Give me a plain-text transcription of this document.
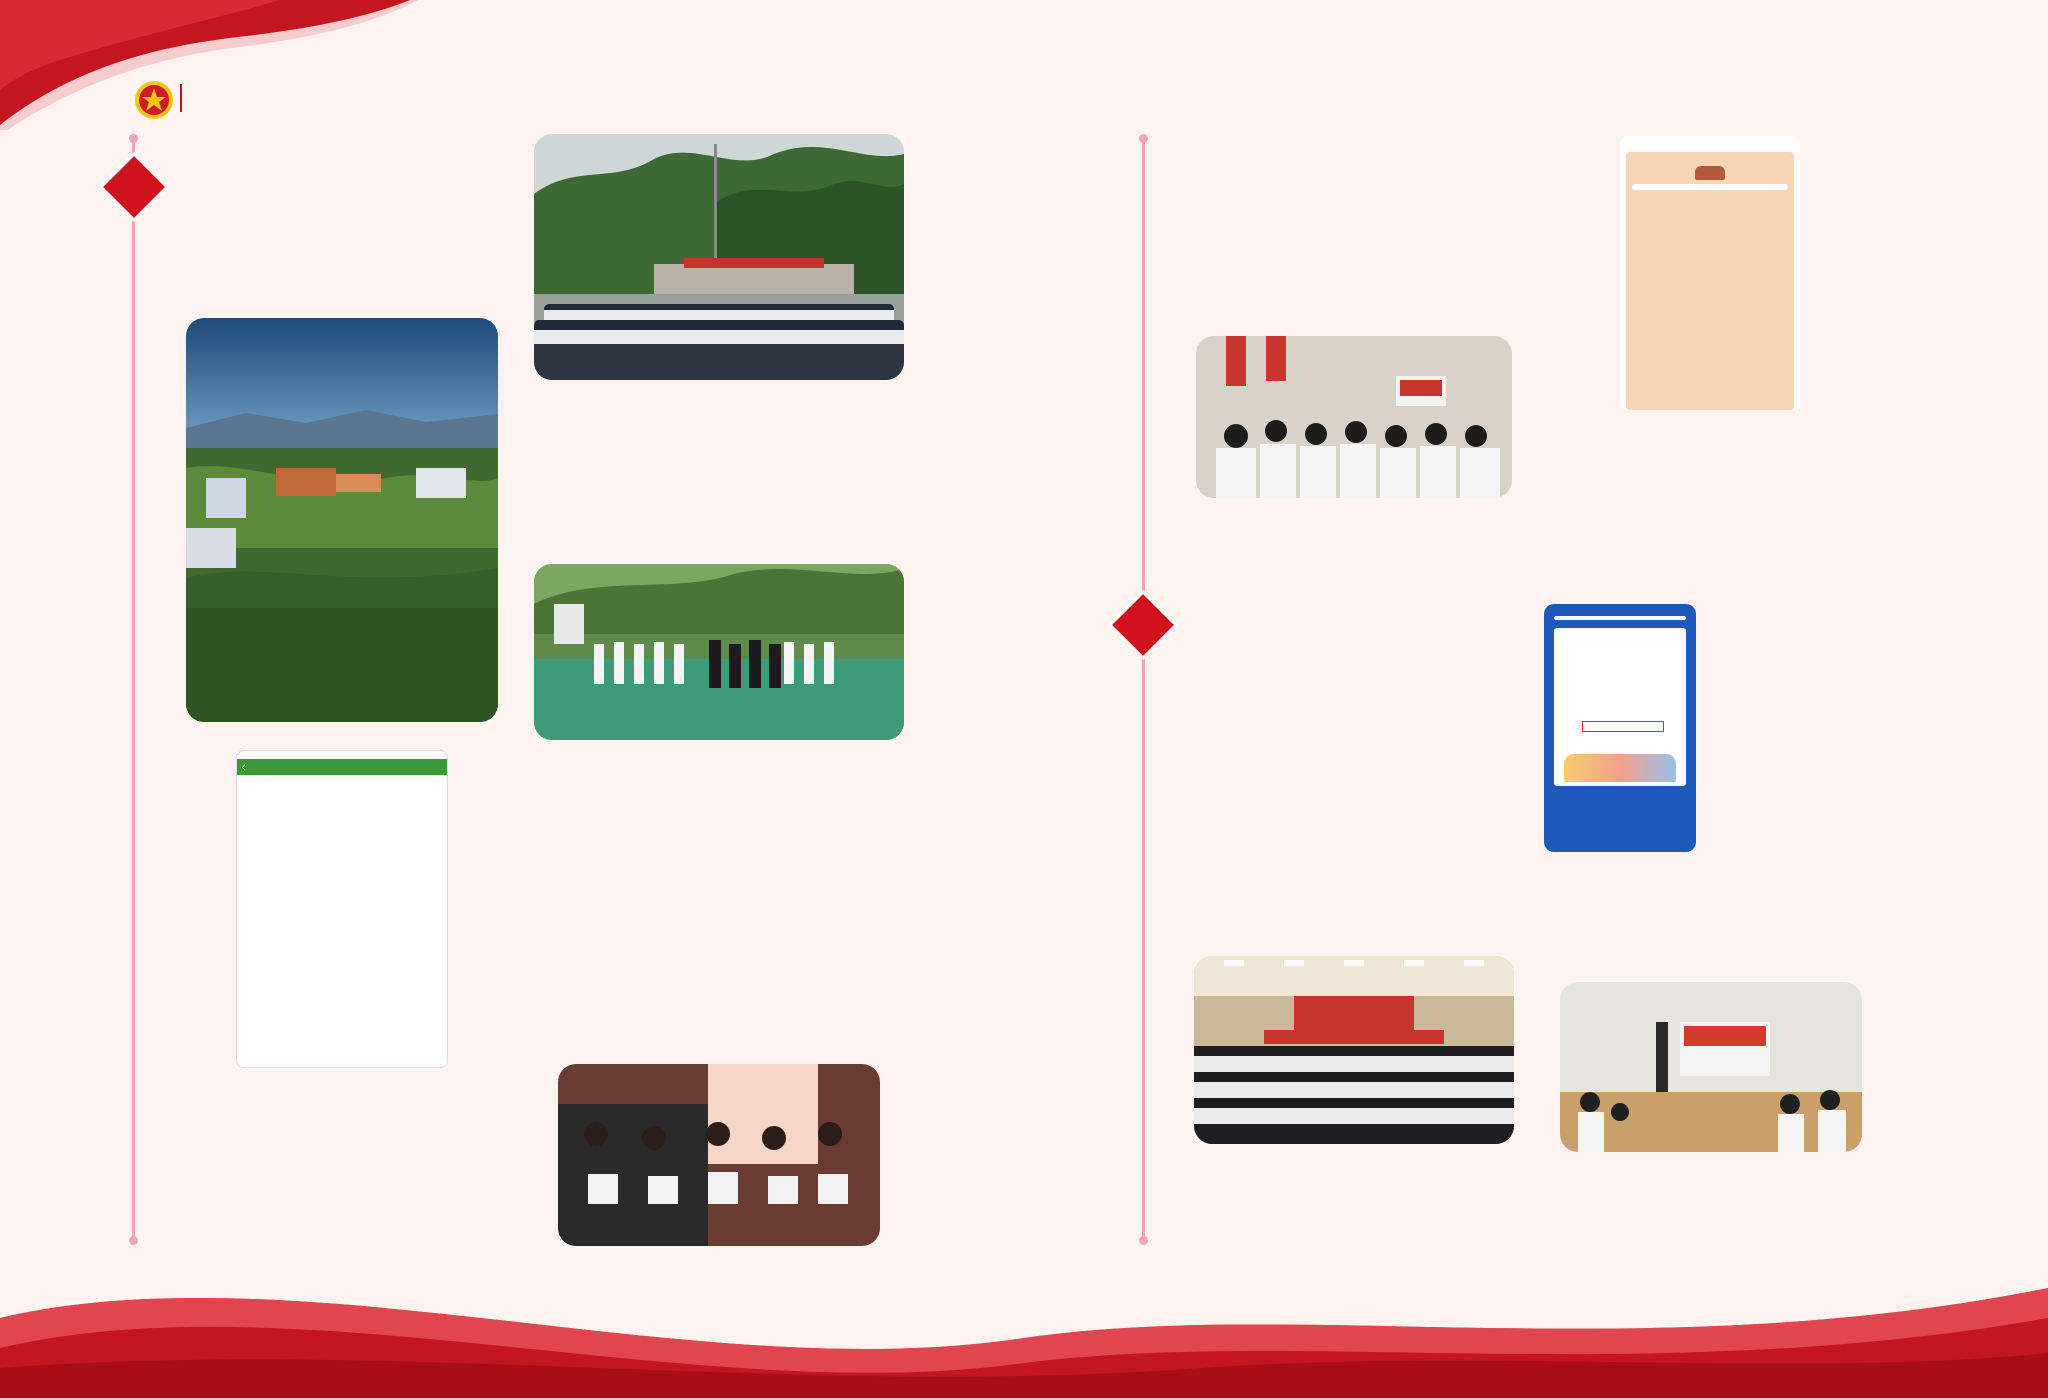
‹
